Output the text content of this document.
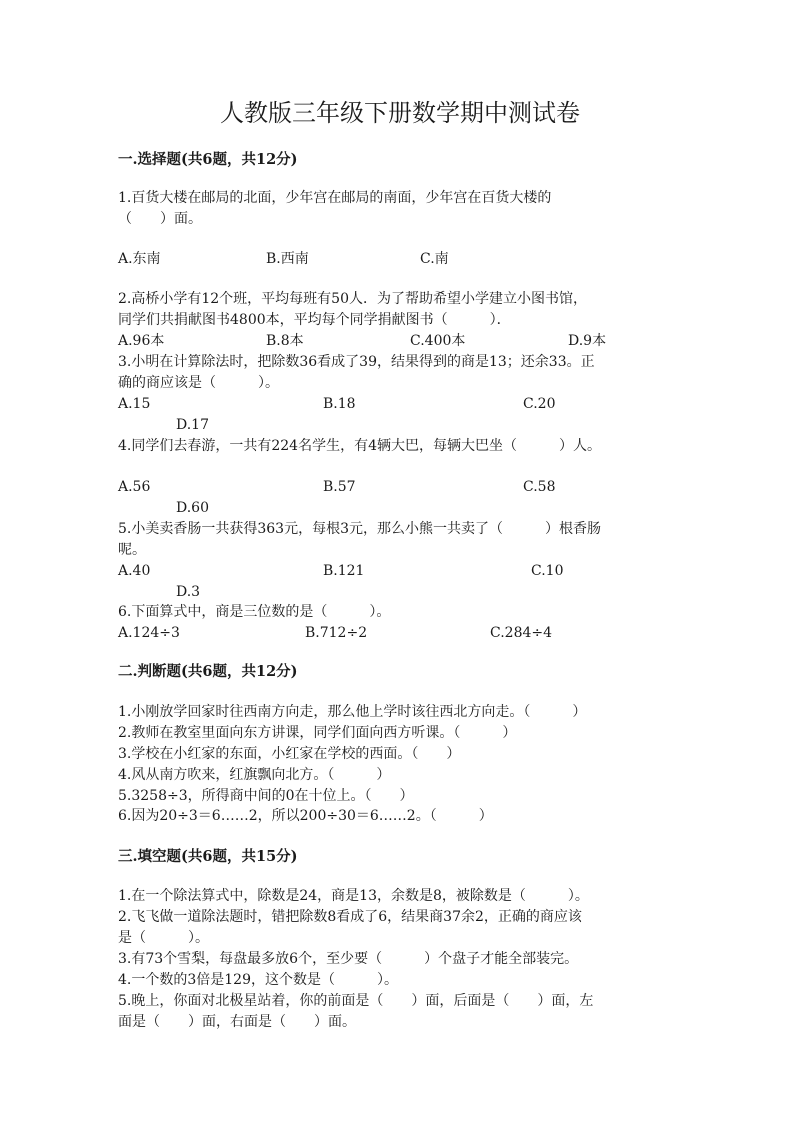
人教版三年级下册数学期中测试卷
一.选择题(共6题，共12分)
1.百货大楼在邮局的北面，少年宫在邮局的南面，少年宫在百货大楼的
（　　）面。
A.东南	B.西南	C.南
2.高桥小学有12个班，平均每班有50人．为了帮助希望小学建立小图书馆，
同学们共捐献图书4800本，平均每个同学捐献图书（　　　）．
A.96本	B.8本	C.400本	D.9本
3.小明在计算除法时，把除数36看成了39，结果得到的商是13；还余33。正
确的商应该是（　　　）。
A.15	B.18	C.20
D.17
4.同学们去春游，一共有224名学生，有4辆大巴，每辆大巴坐（　　　）人。
A.56	B.57	C.58
D.60
5.小美卖香肠一共获得363元，每根3元，那么小熊一共卖了（　　　）根香肠
呢。
A.40	B.121	C.10
D.3
6.下面算式中，商是三位数的是（　　　）。
A.124÷3	B.712÷2	C.284÷4
二.判断题(共6题，共12分)
1.小刚放学回家时往西南方向走，那么他上学时该往西北方向走。（　　　）
2.教师在教室里面向东方讲课，同学们面向西方听课。（　　　）
3.学校在小红家的东面，小红家在学校的西面。（　　）
4.风从南方吹来，红旗飘向北方。（　　　）
5.3258÷3，所得商中间的0在十位上。（　　）
6.因为20÷3＝6……2，所以200÷30＝6……2。（　　　）
三.填空题(共6题，共15分)
1.在一个除法算式中，除数是24，商是13，余数是8，被除数是（　　　）。
2.飞飞做一道除法题时，错把除数8看成了6，结果商37余2，正确的商应该
是（　　　）。
3.有73个雪梨，每盘最多放6个，至少要（　　　）个盘子才能全部装完。
4.一个数的3倍是129，这个数是（　　　）。
5.晚上，你面对北极星站着，你的前面是（　　）面，后面是（　　）面，左
面是（　　）面，右面是（　　）面。
